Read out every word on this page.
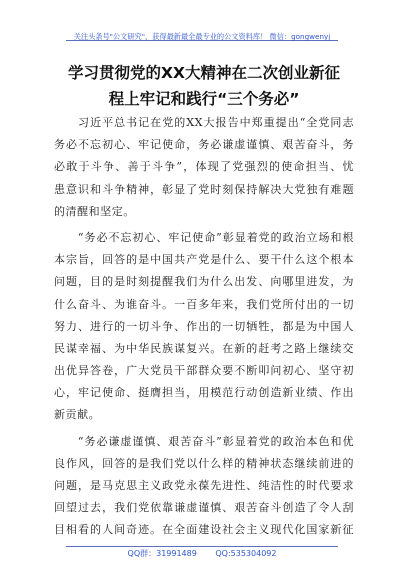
关注头条号"公文研究"，获得最新最全最专业的公文资料库！ 微信：gongwenyj
学习贯彻党的XX大精神在二次创业新征
程上牢记和践行“三个务必”

　　习近平总书记在党的XX大报告中郑重提出“全党同志
务必不忘初心、牢记使命，务必谦虚谨慎、艰苦奋斗，务
必敢于斗争、善于斗争”，体现了党强烈的使命担当、忧
患意识和斗争精神，彰显了党时刻保持解决大党独有难题
的清醒和坚定。

　　“务必不忘初心、牢记使命”彰显着党的政治立场和根
本宗旨，回答的是中国共产党是什么、要干什么这个根本
问题，目的是时刻提醒我们为什么出发、向哪里进发，为
什么奋斗、为谁奋斗。一百多年来，我们党所付出的一切
努力、进行的一切斗争、作出的一切牺牲，都是为中国人
民谋幸福、为中华民族谋复兴。在新的赶考之路上继续交
出优异答卷，广大党员干部群众要不断叩问初心、坚守初
心，牢记使命、挺膺担当，用模范行动创造新业绩、作出
新贡献。

　　“务必谦虚谨慎、艰苦奋斗”彰显着党的政治本色和优
良作风，回答的是我们党以什么样的精神状态继续前进的
问题，是马克思主义政党永葆先进性、纯洁性的时代要求
回望过去，我们党依靠谦虚谨慎、艰苦奋斗创造了令人刮
目相看的人间奇迹。在全面建设社会主义现代化国家新征

QQ群：31991489 QQ:535304092
